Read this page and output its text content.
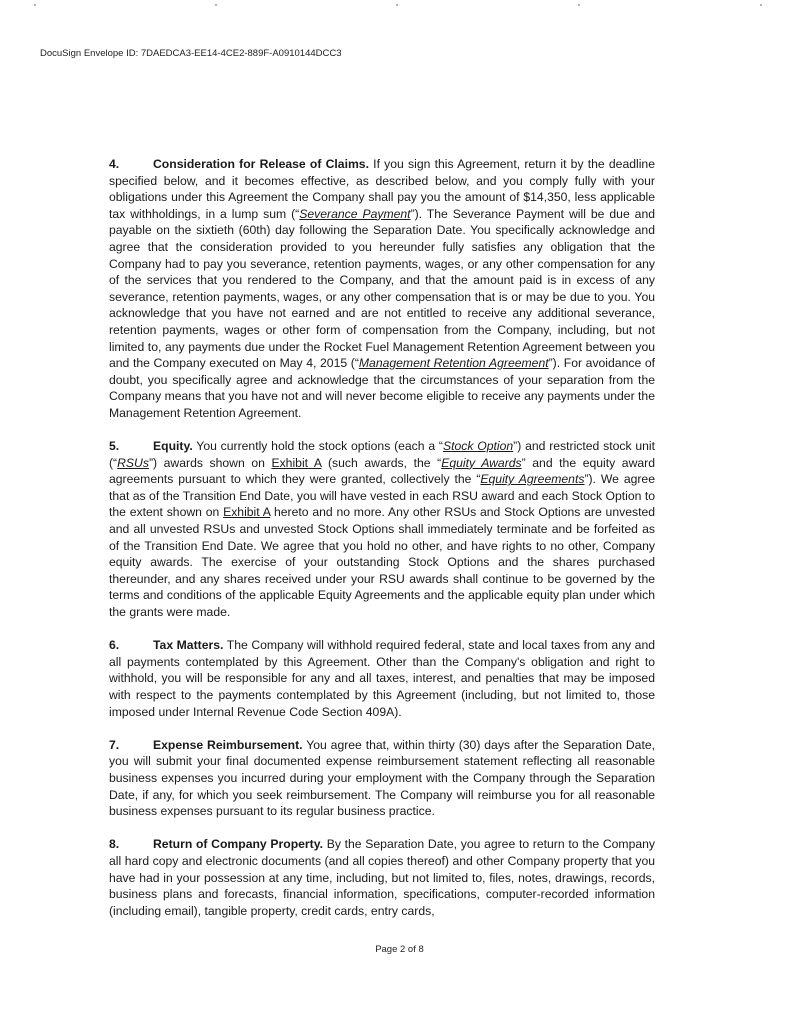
DocuSign Envelope ID: 7DAEDCA3-EE14-4CE2-889F-A0910144DCC3

4.	Consideration for Release of Claims. If you sign this Agreement, return it by the deadline specified below, and it becomes effective, as described below, and you comply fully with your obligations under this Agreement the Company shall pay you the amount of $14,350, less applicable tax withholdings, in a lump sum (“Severance Payment”). The Severance Payment will be due and payable on the sixtieth (60th) day following the Separation Date. You specifically acknowledge and agree that the consideration provided to you hereunder fully satisfies any obligation that the Company had to pay you severance, retention payments, wages, or any other compensation for any of the services that you rendered to the Company, and that the amount paid is in excess of any severance, retention payments, wages, or any other compensation that is or may be due to you. You acknowledge that you have not earned and are not entitled to receive any additional severance, retention payments, wages or other form of compensation from the Company, including, but not limited to, any payments due under the Rocket Fuel Management Retention Agreement between you and the Company executed on May 4, 2015 (“Management Retention Agreement”). For avoidance of doubt, you specifically agree and acknowledge that the circumstances of your separation from the Company means that you have not and will never become eligible to receive any payments under the Management Retention Agreement.

5.	Equity. You currently hold the stock options (each a “Stock Option”) and restricted stock unit (“RSUs”) awards shown on Exhibit A (such awards, the “Equity Awards” and the equity award agreements pursuant to which they were granted, collectively the “Equity Agreements”). We agree that as of the Transition End Date, you will have vested in each RSU award and each Stock Option to the extent shown on Exhibit A hereto and no more. Any other RSUs and Stock Options are unvested and all unvested RSUs and unvested Stock Options shall immediately terminate and be forfeited as of the Transition End Date. We agree that you hold no other, and have rights to no other, Company equity awards. The exercise of your outstanding Stock Options and the shares purchased thereunder, and any shares received under your RSU awards shall continue to be governed by the terms and conditions of the applicable Equity Agreements and the applicable equity plan under which the grants were made.

6.	Tax Matters. The Company will withhold required federal, state and local taxes from any and all payments contemplated by this Agreement. Other than the Company's obligation and right to withhold, you will be responsible for any and all taxes, interest, and penalties that may be imposed with respect to the payments contemplated by this Agreement (including, but not limited to, those imposed under Internal Revenue Code Section 409A).

7.	Expense Reimbursement. You agree that, within thirty (30) days after the Separation Date, you will submit your final documented expense reimbursement statement reflecting all reasonable business expenses you incurred during your employment with the Company through the Separation Date, if any, for which you seek reimbursement. The Company will reimburse you for all reasonable business expenses pursuant to its regular business practice.

8.	Return of Company Property. By the Separation Date, you agree to return to the Company all hard copy and electronic documents (and all copies thereof) and other Company property that you have had in your possession at any time, including, but not limited to, files, notes, drawings, records, business plans and forecasts, financial information, specifications, computer-recorded information (including email), tangible property, credit cards, entry cards,

Page 2 of 8
